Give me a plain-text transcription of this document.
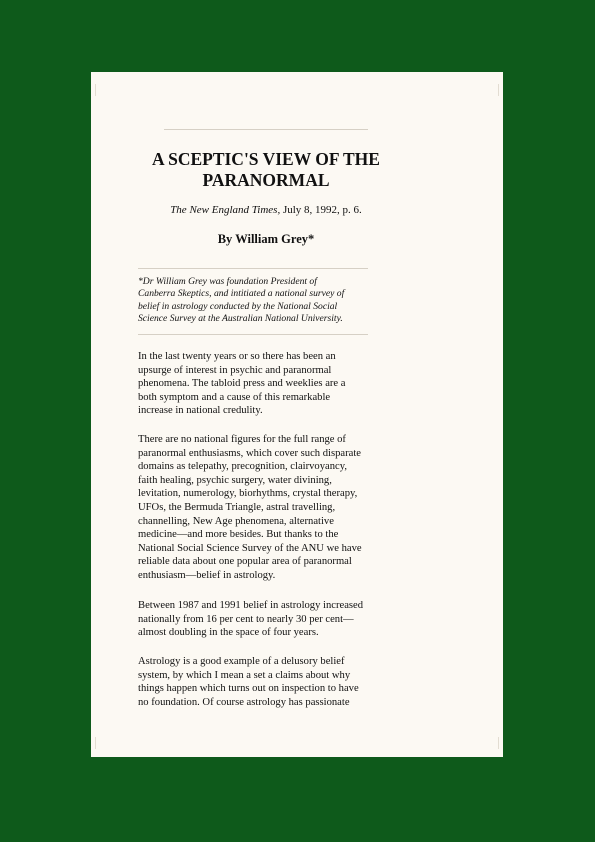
A SCEPTIC'S VIEW OF THE
PARANORMAL
The New England Times, July 8, 1992, p. 6.
By William Grey*
*Dr William Grey was foundation President of
Canberra Skeptics, and intitiated a national survey of
belief in astrology conducted by the National Social
Science Survey at the Australian National University.
In the last twenty years or so there has been an
upsurge of interest in psychic and paranormal
phenomena. The tabloid press and weeklies are a
both symptom and a cause of this remarkable
increase in national credulity.
There are no national figures for the full range of
paranormal enthusiasms, which cover such disparate
domains as telepathy, precognition, clairvoyancy,
faith healing, psychic surgery, water divining,
levitation, numerology, biorhythms, crystal therapy,
UFOs, the Bermuda Triangle, astral travelling,
channelling, New Age phenomena, alternative
medicine—and more besides. But thanks to the
National Social Science Survey of the ANU we have
reliable data about one popular area of paranormal
enthusiasm—belief in astrology.
Between 1987 and 1991 belief in astrology increased
nationally from 16 per cent to nearly 30 per cent—
almost doubling in the space of four years.
Astrology is a good example of a delusory belief
system, by which I mean a set a claims about why
things happen which turns out on inspection to have
no foundation. Of course astrology has passionate
